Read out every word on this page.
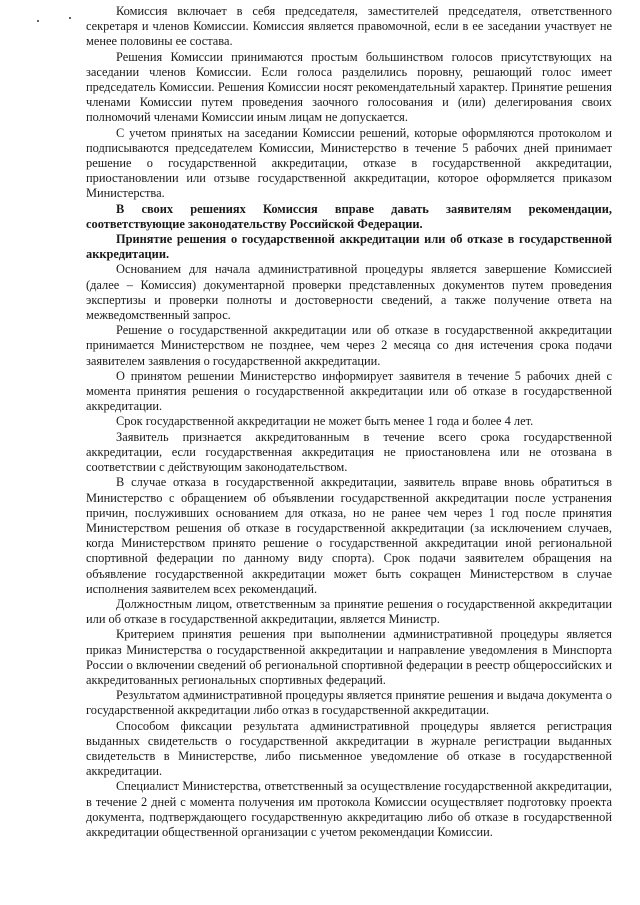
Комиссия включает в себя председателя, заместителей председателя, ответственного секретаря и членов Комиссии. Комиссия является правомочной, если в ее заседании участвует не менее половины ее состава.

Решения Комиссии принимаются простым большинством голосов присутствующих на заседании членов Комиссии. Если голоса разделились поровну, решающий голос имеет председатель Комиссии. Решения Комиссии носят рекомендательный характер. Принятие решения членами Комиссии путем проведения заочного голосования и (или) делегирования своих полномочий членами Комиссии иным лицам не допускается.

С учетом принятых на заседании Комиссии решений, которые оформляются протоколом и подписываются председателем Комиссии, Министерство в течение 5 рабочих дней принимает решение о государственной аккредитации, отказе в государственной аккредитации, приостановлении или отзыве государственной аккредитации, которое оформляется приказом Министерства.

В своих решениях Комиссия вправе давать заявителям рекомендации, соответствующие законодательству Российской Федерации.

Принятие решения о государственной аккредитации или об отказе в государственной аккредитации.

Основанием для начала административной процедуры является завершение Комиссией (далее – Комиссия) документарной проверки представленных документов путем проведения экспертизы и проверки полноты и достоверности сведений, а также получение ответа на межведомственный запрос.

Решение о государственной аккредитации или об отказе в государственной аккредитации принимается Министерством не позднее, чем через 2 месяца со дня истечения срока подачи заявителем заявления о государственной аккредитации.

О принятом решении Министерство информирует заявителя в течение 5 рабочих дней с момента принятия решения о государственной аккредитации или об отказе в государственной аккредитации.

Срок государственной аккредитации не может быть менее 1 года и более 4 лет.

Заявитель признается аккредитованным в течение всего срока государственной аккредитации, если государственная аккредитация не приостановлена или не отозвана в соответствии с действующим законодательством.

В случае отказа в государственной аккредитации, заявитель вправе вновь обратиться в Министерство с обращением об объявлении государственной аккредитации после устранения причин, послуживших основанием для отказа, но не ранее чем через 1 год после принятия Министерством решения об отказе в государственной аккредитации (за исключением случаев, когда Министерством принято решение о государственной аккредитации иной региональной спортивной федерации по данному виду спорта). Срок подачи заявителем обращения на объявление государственной аккредитации может быть сокращен Министерством в случае исполнения заявителем всех рекомендаций.

Должностным лицом, ответственным за принятие решения о государственной аккредитации или об отказе в государственной аккредитации, является Министр.

Критерием принятия решения при выполнении административной процедуры является приказ Министерства о государственной аккредитации и направление уведомления в Минспорта России о включении сведений об региональной спортивной федерации в реестр общероссийских и аккредитованных региональных спортивных федераций.

Результатом административной процедуры является принятие решения и выдача документа о государственной аккредитации либо отказ в государственной аккредитации.

Способом фиксации результата административной процедуры является регистрация выданных свидетельств о государственной аккредитации в журнале регистрации выданных свидетельств в Министерстве, либо письменное уведомление об отказе в государственной аккредитации.

Специалист Министерства, ответственный за осуществление государственной аккредитации, в течение 2 дней с момента получения им протокола Комиссии осуществляет подготовку проекта документа, подтверждающего государственную аккредитацию либо об отказе в государственной аккредитации общественной организации с учетом рекомендации Комиссии.
